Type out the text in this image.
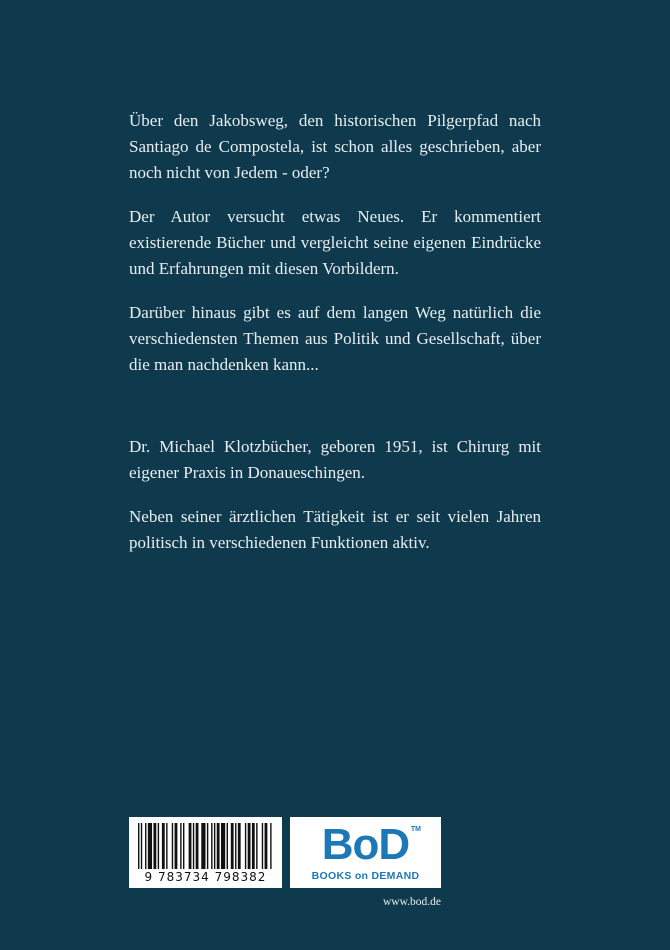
Über den Jakobsweg, den historischen Pilgerpfad nach Santiago de Compostela, ist schon alles geschrieben, aber noch nicht von Jedem - oder?

Der Autor versucht etwas Neues. Er kommentiert existierende Bücher und vergleicht seine eigenen Eindrücke und Erfahrungen mit diesen Vorbildern.

Darüber hinaus gibt es auf dem langen Weg natürlich die verschiedensten Themen aus Politik und Gesellschaft, über die man nachdenken kann...

Dr. Michael Klotzbücher, geboren 1951, ist Chirurg mit eigener Praxis in Donaueschingen.

Neben seiner ärztlichen Tätigkeit ist er seit vielen Jahren politisch in verschiedenen Funktionen aktiv.

9 783734 798382
BoD TM
BOOKS on DEMAND
www.bod.de
